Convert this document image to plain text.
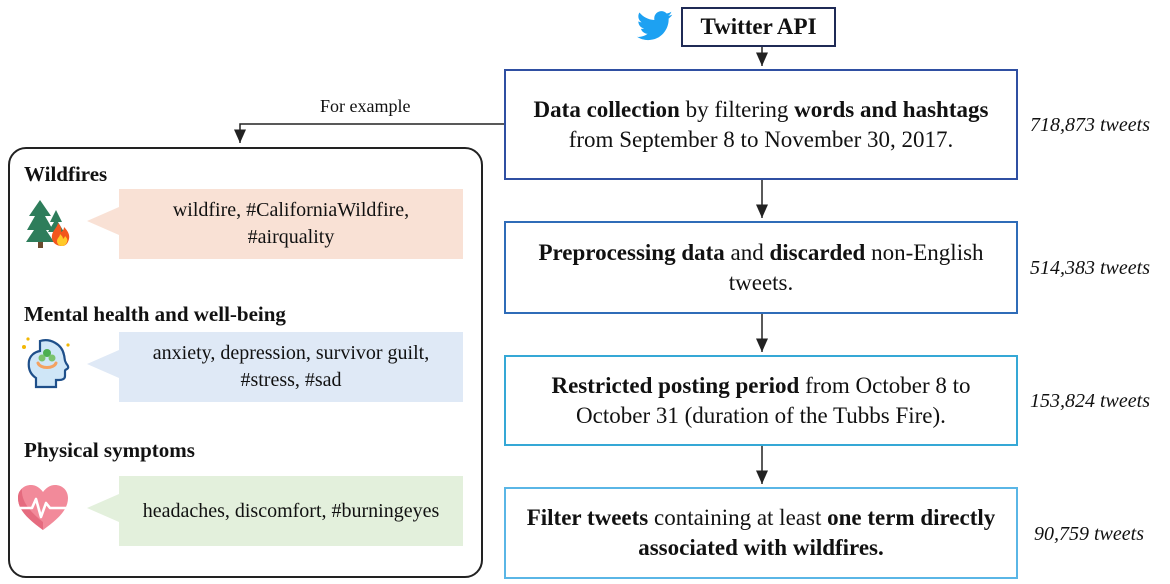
Twitter API
Data collection by filtering words and hashtags from September 8 to November 30, 2017.
Preprocessing data and discarded non-English tweets.
Restricted posting period from October 8 to October 31 (duration of the Tubbs Fire).
Filter tweets containing at least one term directly associated with wildfires.
718,873 tweets
514,383 tweets
153,824 tweets
90,759 tweets
For example
Wildfires
wildfire, #CaliforniaWildfire, #airquality
Mental health and well-being
anxiety, depression, survivor guilt, #stress, #sad
Physical symptoms
headaches, discomfort, #burningeyes
